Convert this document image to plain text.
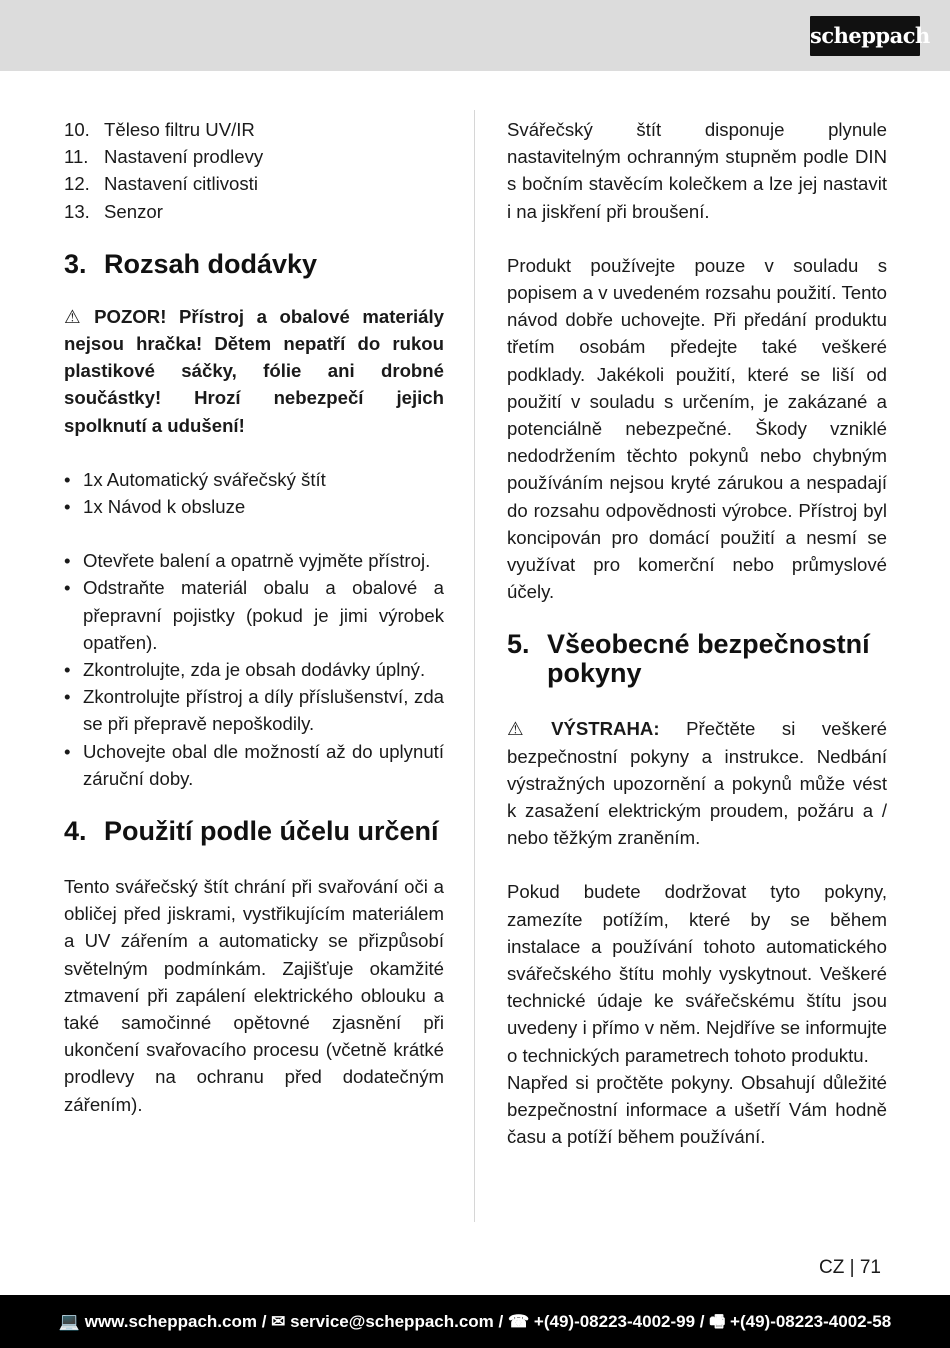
scheppach
10. Těleso filtru UV/IR
11. Nastavení prodlevy
12. Nastavení citlivosti
13. Senzor
3. Rozsah dodávky

⚠ POZOR! Přístroj a obalové materiály nejsou hračka! Dětem nepatří do rukou plastikové sáčky, fólie ani drobné součástky! Hrozí nebezpečí jejich spolknutí a udušení!

• 1x Automatický svářečský štít
• 1x Návod k obsluze
• Otevřete balení a opatrně vyjměte přístroj.
• Odstraňte materiál obalu a obalové a přepravní pojistky (pokud je jimi výrobek opatřen).
• Zkontrolujte, zda je obsah dodávky úplný.
• Zkontrolujte přístroj a díly příslušenství, zda se při přepravě nepoškodily.
• Uchovejte obal dle možností až do uplynutí záruční doby.
4. Použití podle účelu určení

Tento svářečský štít chrání při svařování oči a obličej před jiskrami, vystřikujícím materiálem a UV zářením a automaticky se přizpůsobí světelným podmínkám. Zajišťuje okamžité ztmavení při zapálení elektrického oblouku a také samočinné opětovné zjasnění při ukončení svařovacího procesu (včetně krátké prodlevy na ochranu před dodatečným zářením).

Svářečský štít disponuje plynule nastavitelným ochranným stupněm podle DIN s bočním stavěcím kolečkem a lze jej nastavit i na jiskření při broušení.

Produkt používejte pouze v souladu s popisem a v uvedeném rozsahu použití. Tento návod dobře uchovejte. Při předání produktu třetím osobám předejte také veškeré podklady. Jakékoli použití, které se liší od použití v souladu s určením, je zakázané a potenciálně nebezpečné. Škody vzniklé nedodržením těchto pokynů nebo chybným používáním nejsou kryté zárukou a nespadají do rozsahu odpovědnosti výrobce. Přístroj byl koncipován pro domácí použití a nesmí se využívat pro komerční nebo průmyslové účely.

5. Všeobecné bezpečnostní
pokyny

⚠ VÝSTRAHA: Přečtěte si veškeré bezpečnostní pokyny a instrukce. Nedbání výstražných upozornění a pokynů může vést k zasažení elektrickým proudem, požáru a / nebo těžkým zraněním.

Pokud budete dodržovat tyto pokyny, zamezíte potížím, které by se během instalace a používání tohoto automatického svářečského štítu mohly vyskytnout. Veškeré technické údaje ke svářečskému štítu jsou uvedeny i přímo v něm. Nejdříve se informujte o technických parametrech tohoto produktu.

Napřed si pročtěte pokyny. Obsahují důležité bezpečnostní informace a ušetří Vám hodně času a potíží během používání.

CZ | 71
💻 www.scheppach.com / ✉ service@scheppach.com / ☎ +(49)-08223-4002-99 / 🖷 +(49)-08223-4002-58
